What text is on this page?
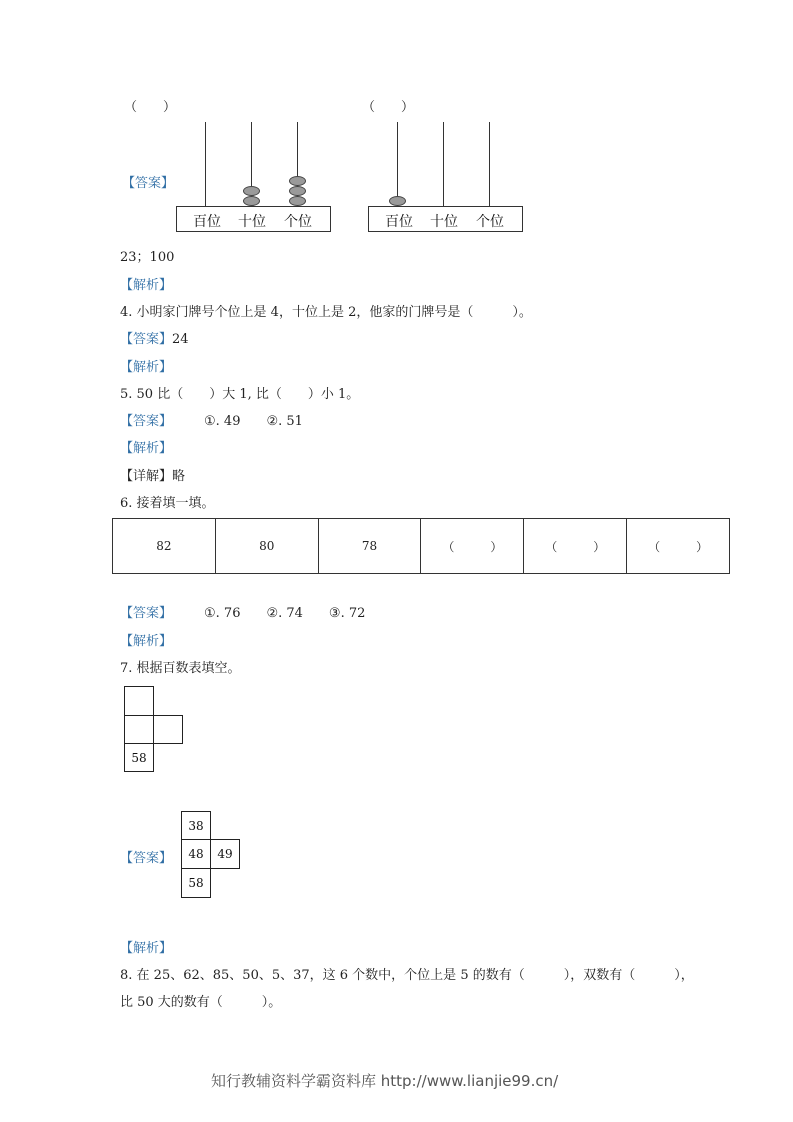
（　　）	（　　）
【答案】
百位 十位 个位	百位 十位 个位
23；100
【解析】
4. 小明家门牌号个位上是 4，十位上是 2，他家的门牌号是（　　　）。
【答案】24
【解析】
5. 50 比（　　）大 1, 比（　　）小 1。
【答案】 ①. 49　　②. 51
【解析】
【详解】略
6. 接着填一填。
82	80	78	（　　　）	（　　　）	（　　　）
【答案】 ①. 76　　②. 74　　③. 72
【解析】
7. 根据百数表填空。
58
【答案】
38
48	49
58
【解析】
8. 在 25、62、85、50、5、37，这 6 个数中，个位上是 5 的数有（　　　），双数有（　　　），
比 50 大的数有（　　　）。
知行教辅资料学霸资料库 http://www.lianjie99.cn/
